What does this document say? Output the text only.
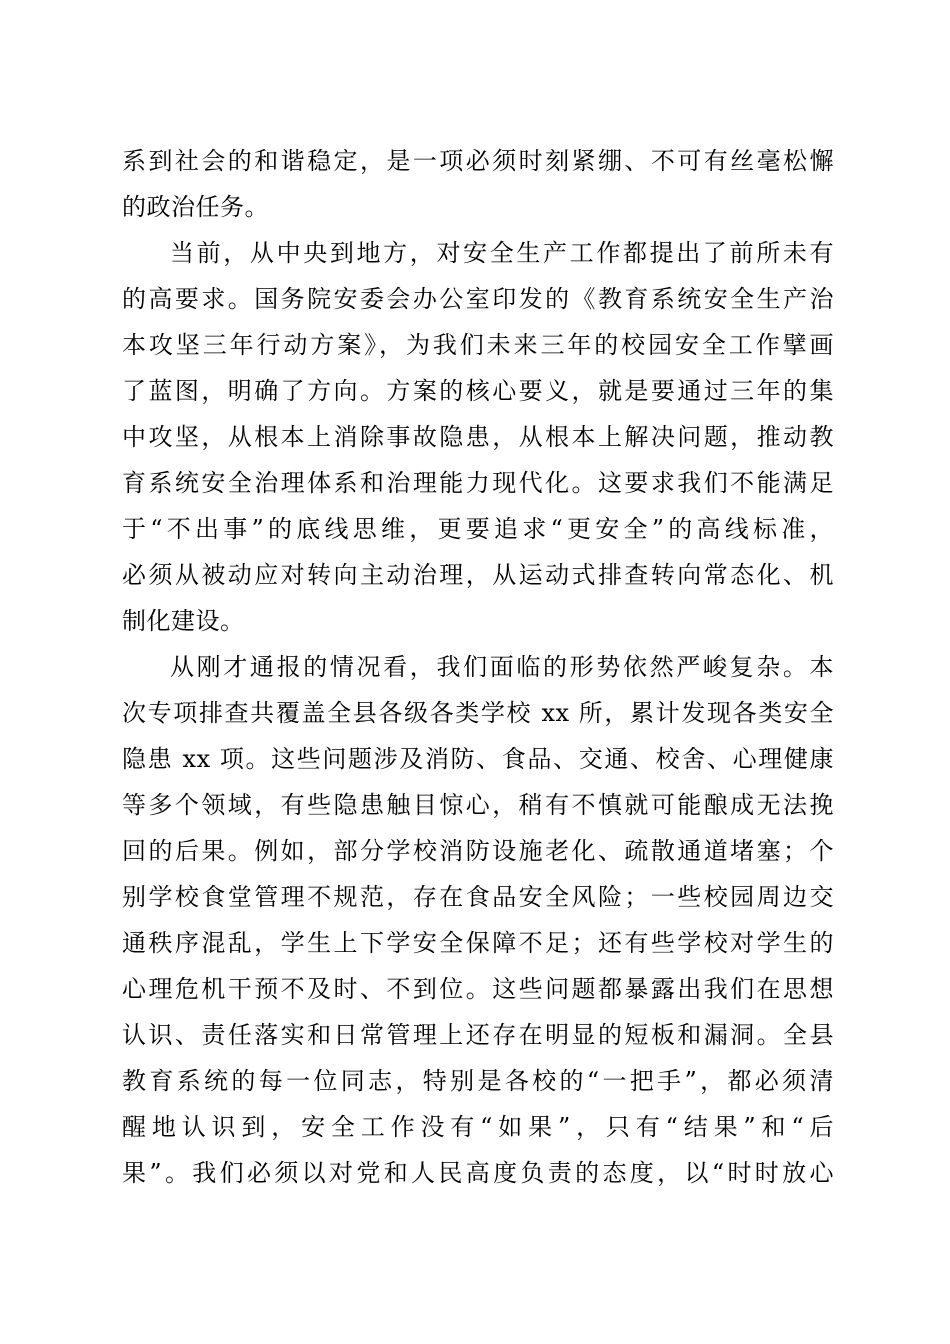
系到社会的和谐稳定，是一项必须时刻紧绷、不可有丝毫松懈
的政治任务。
当前，从中央到地方，对安全生产工作都提出了前所未有
的高要求。国务院安委会办公室印发的《教育系统安全生产治
本攻坚三年行动方案》，为我们未来三年的校园安全工作擘画
了蓝图，明确了方向。方案的核心要义，就是要通过三年的集
中攻坚，从根本上消除事故隐患，从根本上解决问题，推动教
育系统安全治理体系和治理能力现代化。这要求我们不能满足
于“不出事”的底线思维，更要追求“更安全”的高线标准，
必须从被动应对转向主动治理，从运动式排查转向常态化、机
制化建设。
从刚才通报的情况看，我们面临的形势依然严峻复杂。本
次专项排查共覆盖全县各级各类学校 xx 所，累计发现各类安全
隐患 xx 项。这些问题涉及消防、食品、交通、校舍、心理健康
等多个领域，有些隐患触目惊心，稍有不慎就可能酿成无法挽
回的后果。例如，部分学校消防设施老化、疏散通道堵塞；个
别学校食堂管理不规范，存在食品安全风险；一些校园周边交
通秩序混乱，学生上下学安全保障不足；还有些学校对学生的
心理危机干预不及时、不到位。这些问题都暴露出我们在思想
认识、责任落实和日常管理上还存在明显的短板和漏洞。全县
教育系统的每一位同志，特别是各校的“一把手”，都必须清
醒地认识到，安全工作没有“如果”，只有“结果”和“后
果”。我们必须以对党和人民高度负责的态度，以“时时放心
